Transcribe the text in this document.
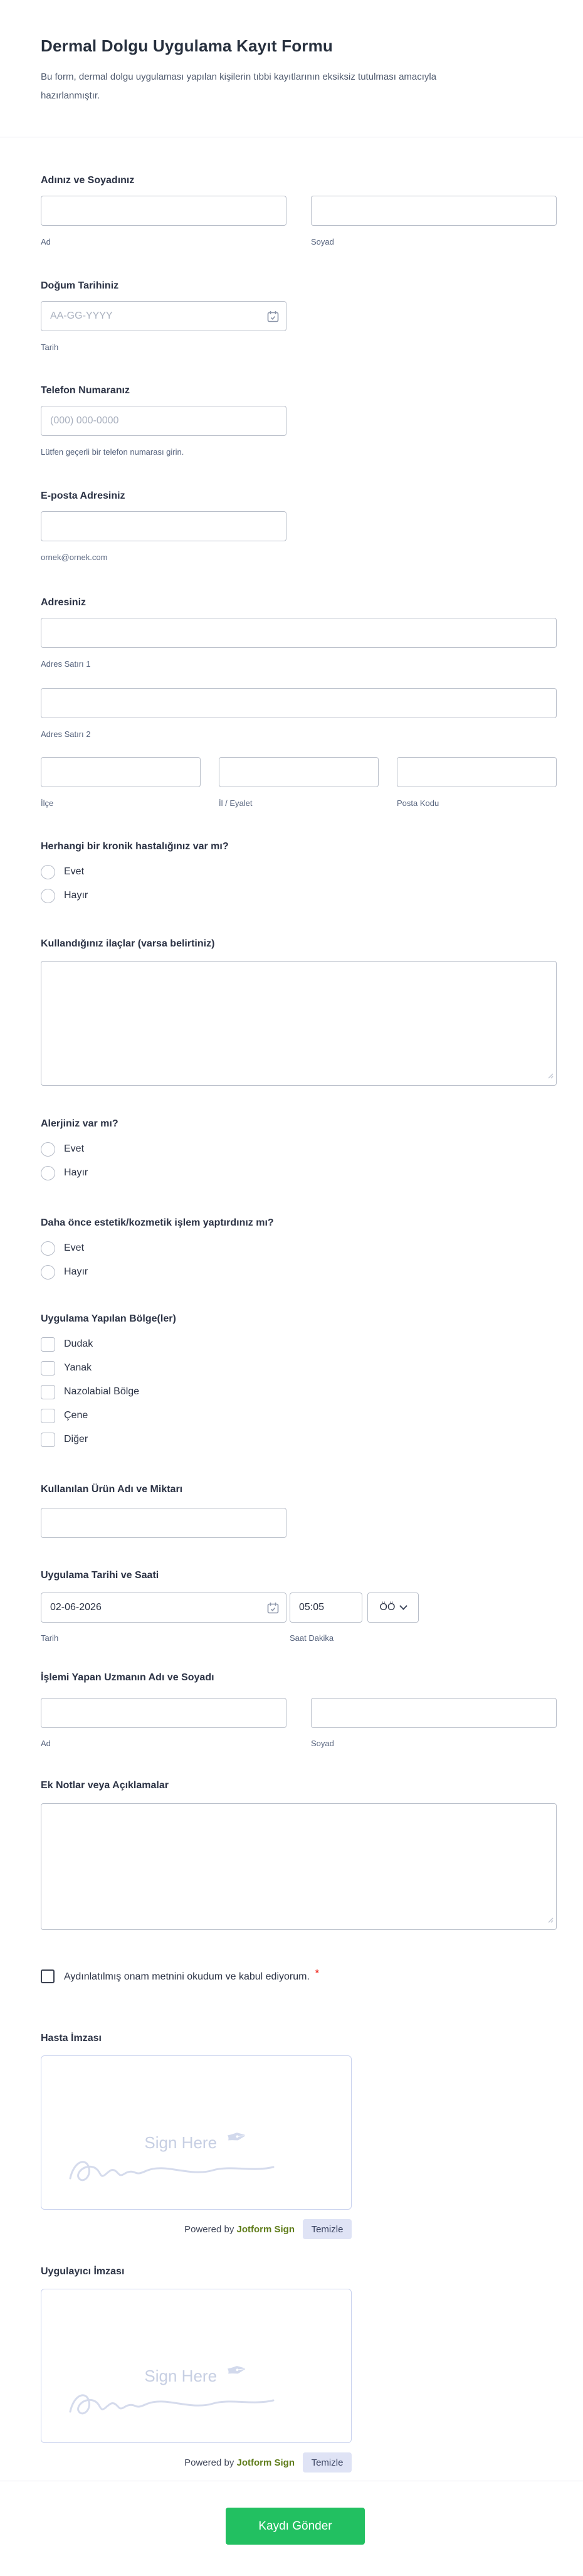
Dermal Dolgu Uygulama Kayıt Formu
Bu form, dermal dolgu uygulaması yapılan kişilerin tıbbi kayıtlarının eksiksiz tutulması amacıyla hazırlanmıştır.
Adınız ve Soyadınız
Ad	Soyad
Doğum Tarihiniz
AA-GG-YYYY
Tarih
Telefon Numaranız
(000) 000-0000
Lütfen geçerli bir telefon numarası girin.
E-posta Adresiniz
ornek@ornek.com
Adresiniz
Adres Satırı 1
Adres Satırı 2
İlçe	İl / Eyalet	Posta Kodu
Herhangi bir kronik hastalığınız var mı?
Evet
Hayır
Kullandığınız ilaçlar (varsa belirtiniz)
Alerjiniz var mı?
Evet
Hayır
Daha önce estetik/kozmetik işlem yaptırdınız mı?
Evet
Hayır
Uygulama Yapılan Bölge(ler)
Dudak
Yanak
Nazolabial Bölge
Çene
Diğer
Kullanılan Ürün Adı ve Miktarı
Uygulama Tarihi ve Saati
02-06-2026
05:05
ÖÖ
Tarih	Saat Dakika
İşlemi Yapan Uzmanın Adı ve Soyadı
Ad	Soyad
Ek Notlar veya Açıklamalar
Aydınlatılmış onam metnini okudum ve kabul ediyorum. *
Hasta İmzası
Sign Here ✒
Powered by Jotform Sign	Temizle
Uygulayıcı İmzası
Sign Here ✒
Powered by Jotform Sign	Temizle
Kaydı Gönder
